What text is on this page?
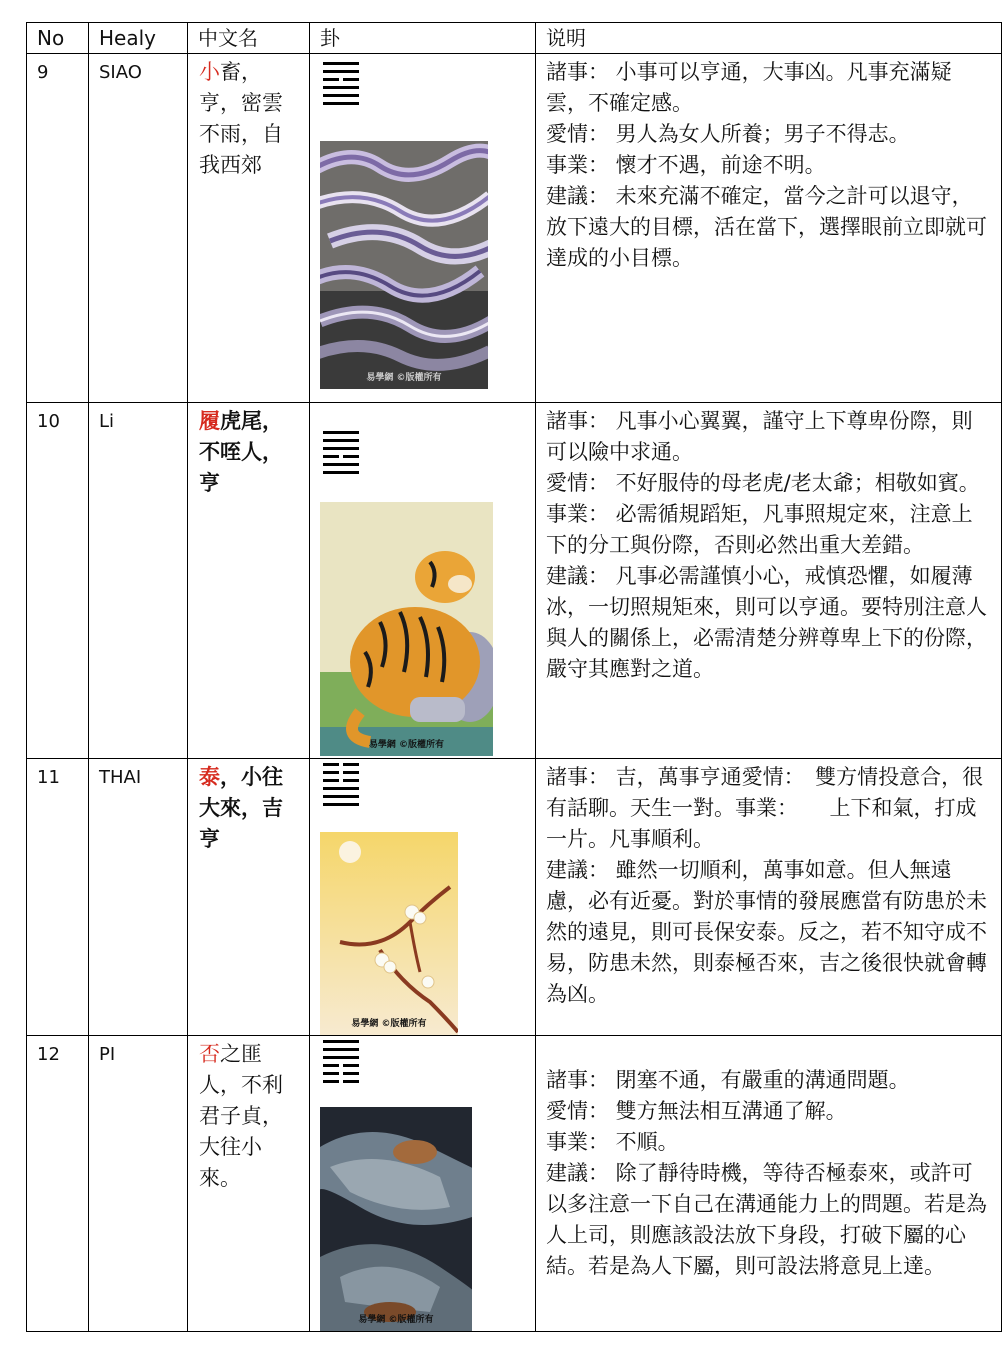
No	Healy	中文名	卦	说明
9	SIAO	小畜，亨，密雲不雨，自我西郊	易學網 ©版權所有	諸事： 小事可以亨通，大事凶。凡事充滿疑雲，不確定感。
愛情： 男人為女人所養；男子不得志。
事業： 懷才不遇，前途不明。
建議： 未來充滿不確定，當今之計可以退守，放下遠大的目標，活在當下，選擇眼前立即就可達成的小目標。

10	Li	履虎尾，不咥人，亨	易學網 ©版權所有	諸事： 凡事小心翼翼，謹守上下尊卑份際，則可以險中求通。
愛情： 不好服侍的母老虎/老太爺；相敬如賓。
事業： 必需循規蹈矩，凡事照規定來，注意上下的分工與份際，否則必然出重大差錯。
建議： 凡事必需謹慎小心，戒慎恐懼，如履薄冰，一切照規矩來，則可以亨通。要特別注意人與人的關係上，必需清楚分辨尊卑上下的份際，嚴守其應對之道。

11	THAI	泰，小往大來，吉亨	易學網 ©版權所有	諸事： 吉，萬事亨通愛情：　雙方情投意合，很有話聊。天生一對。事業：　　上下和氣，打成一片。凡事順利。
建議： 雖然一切順利，萬事如意。但人無遠慮，必有近憂。對於事情的發展應當有防患於未然的遠見，則可長保安泰。反之，若不知守成不易，防患未然，則泰極否來，吉之後很快就會轉為凶。

12	PI	否之匪人，不利君子貞，大往小來。	易學網 ©版權所有	諸事： 閉塞不通，有嚴重的溝通問題。
愛情： 雙方無法相互溝通了解。
事業： 不順。
建議： 除了靜待時機，等待否極泰來，或許可以多注意一下自己在溝通能力上的問題。若是為人上司，則應該設法放下身段，打破下屬的心結。若是為人下屬，則可設法將意見上達。
